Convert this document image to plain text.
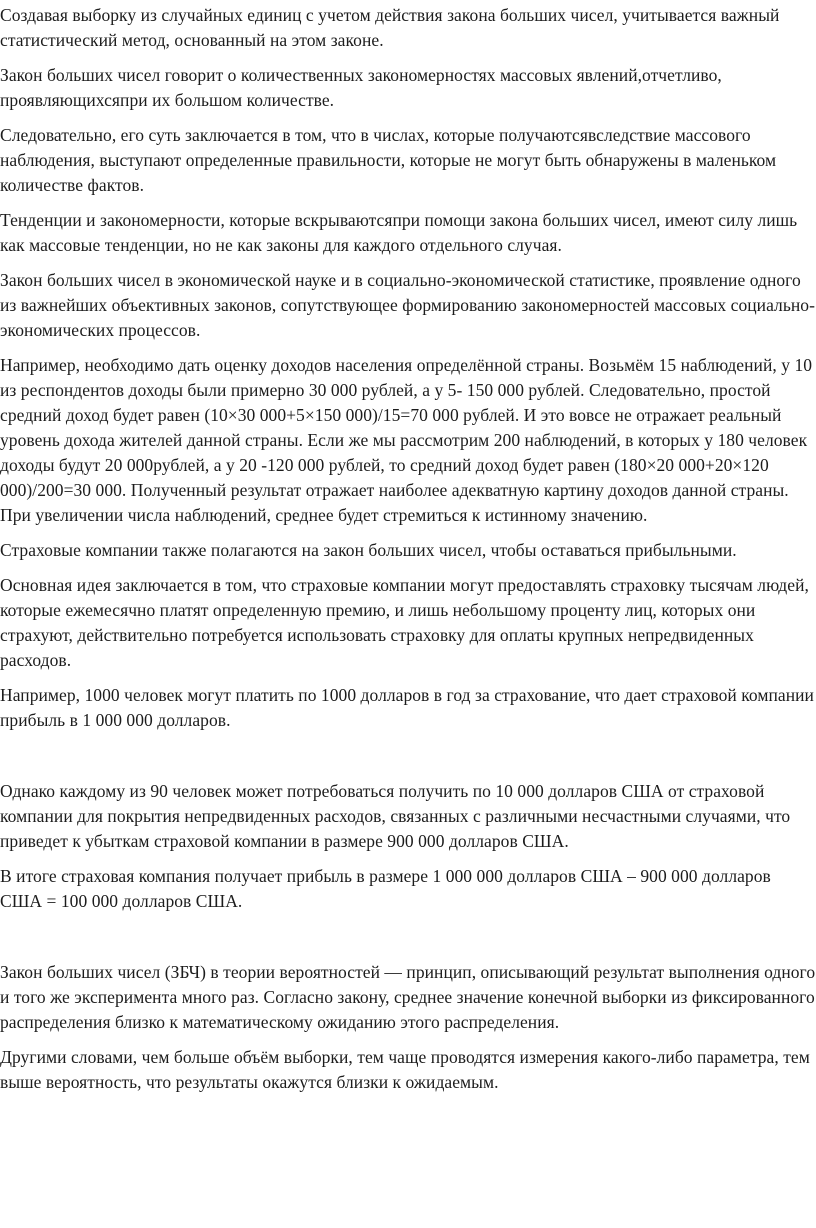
Создавая выборку из случайных единиц с учетом действия закона больших чисел, учитывается важный статистический метод, основанный на этом законе.

Закон больших чисел говорит о количественных закономерностях массовых явлений,отчетливо, проявляющихсяпри их большом количестве.

Следовательно, его суть заключается в том, что в числах, которые получаютсявследствие массового наблюдения, выступают определенные правильности, которые не могут быть обнаружены в маленьком количестве фактов.

Тенденции и закономерности, которые вскрываютсяпри помощи закона больших чисел, имеют силу лишь как массовые тенденции, но не как законы для каждого отдельного случая.

Закон больших чисел в экономической науке и в социально-экономической статистике, проявление одного из важнейших объективных законов, сопутствующее формированию закономерностей массовых социально-экономических процессов.

Например, необходимо дать оценку доходов населения определённой страны. Возьмём 15 наблюдений, у 10 из респондентов доходы были примерно 30 000 рублей, а у 5- 150 000 рублей. Следовательно, простой средний доход будет равен (10×30 000+5×150 000)/15=70 000 рублей. И это вовсе не отражает реальный уровень дохода жителей данной страны. Если же мы рассмотрим 200 наблюдений, в которых у 180 человек доходы будут 20 000рублей, а у 20 -120 000 рублей, то средний доход будет равен (180×20 000+20×120 000)/200=30 000. Полученный результат отражает наиболее адекватную картину доходов данной страны. При увеличении числа наблюдений, среднее будет стремиться к истинному значению.

Страховые компании также полагаются на закон больших чисел, чтобы оставаться прибыльными.

Основная идея заключается в том, что страховые компании могут предоставлять страховку тысячам людей, которые ежемесячно платят определенную премию, и лишь небольшому проценту лиц, которых они страхуют, действительно потребуется использовать страховку для оплаты крупных непредвиденных расходов.

Например, 1000 человек могут платить по 1000 долларов в год за страхование, что дает страховой компании прибыль в 1 000 000 долларов.

Однако каждому из 90 человек может потребоваться получить по 10 000 долларов США от страховой компании для покрытия непредвиденных расходов, связанных с различными несчастными случаями, что приведет к убыткам страховой компании в размере 900 000 долларов США.

В итоге страховая компания получает прибыль в размере 1 000 000 долларов США – 900 000 долларов США = 100 000 долларов США.

Закон больших чисел (ЗБЧ) в теории вероятностей — принцип, описывающий результат выполнения одного и того же эксперимента много раз. Согласно закону, среднее значение конечной выборки из фиксированного распределения близко к математическому ожиданию этого распределения.

Другими словами, чем больше объём выборки, тем чаще проводятся измерения какого-либо параметра, тем выше вероятность, что результаты окажутся близки к ожидаемым.
